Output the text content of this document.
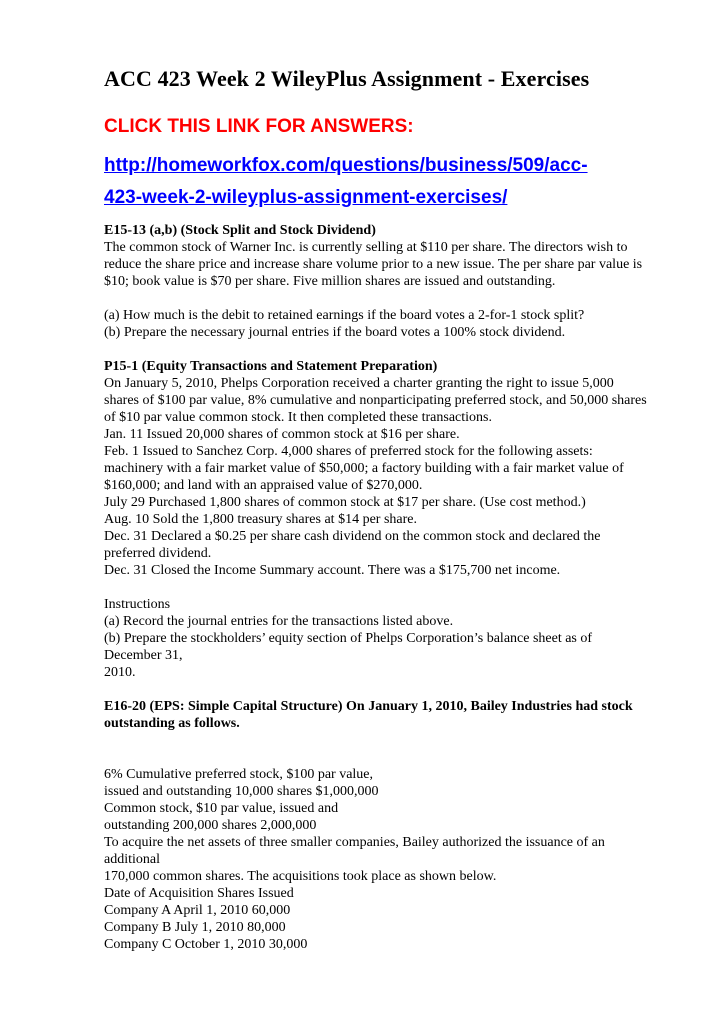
ACC 423 Week 2 WileyPlus Assignment - Exercises
CLICK THIS LINK FOR ANSWERS:
http://homeworkfox.com/questions/business/509/acc-
423-week-2-wileyplus-assignment-exercises/

E15-13 (a,b) (Stock Split and Stock Dividend)

The common stock of Warner Inc. is currently selling at $110 per share. The directors wish to

reduce the share price and increase share volume prior to a new issue. The per share par value is

$10; book value is $70 per share. Five million shares are issued and outstanding.

(a) How much is the debit to retained earnings if the board votes a 2-for-1 stock split?

(b) Prepare the necessary journal entries if the board votes a 100% stock dividend.

P15-1 (Equity Transactions and Statement Preparation)

On January 5, 2010, Phelps Corporation received a charter granting the right to issue 5,000

shares of $100 par value, 8% cumulative and nonparticipating preferred stock, and 50,000 shares

of $10 par value common stock. It then completed these transactions.

Jan. 11 Issued 20,000 shares of common stock at $16 per share.

Feb. 1 Issued to Sanchez Corp. 4,000 shares of preferred stock for the following assets:

machinery with a fair market value of $50,000; a factory building with a fair market value of

$160,000; and land with an appraised value of $270,000.

July 29 Purchased 1,800 shares of common stock at $17 per share. (Use cost method.)

Aug. 10 Sold the 1,800 treasury shares at $14 per share.

Dec. 31 Declared a $0.25 per share cash dividend on the common stock and declared the

preferred dividend.

Dec. 31 Closed the Income Summary account. There was a $175,700 net income.

Instructions

(a) Record the journal entries for the transactions listed above.

(b) Prepare the stockholders’ equity section of Phelps Corporation’s balance sheet as of

December 31,

2010.

E16-20 (EPS: Simple Capital Structure) On January 1, 2010, Bailey Industries had stock

outstanding as follows.

6% Cumulative preferred stock, $100 par value,

issued and outstanding 10,000 shares $1,000,000

Common stock, $10 par value, issued and

outstanding 200,000 shares 2,000,000

To acquire the net assets of three smaller companies, Bailey authorized the issuance of an

additional

170,000 common shares. The acquisitions took place as shown below.

Date of Acquisition Shares Issued

Company A April 1, 2010 60,000

Company B July 1, 2010 80,000

Company C October 1, 2010 30,000
